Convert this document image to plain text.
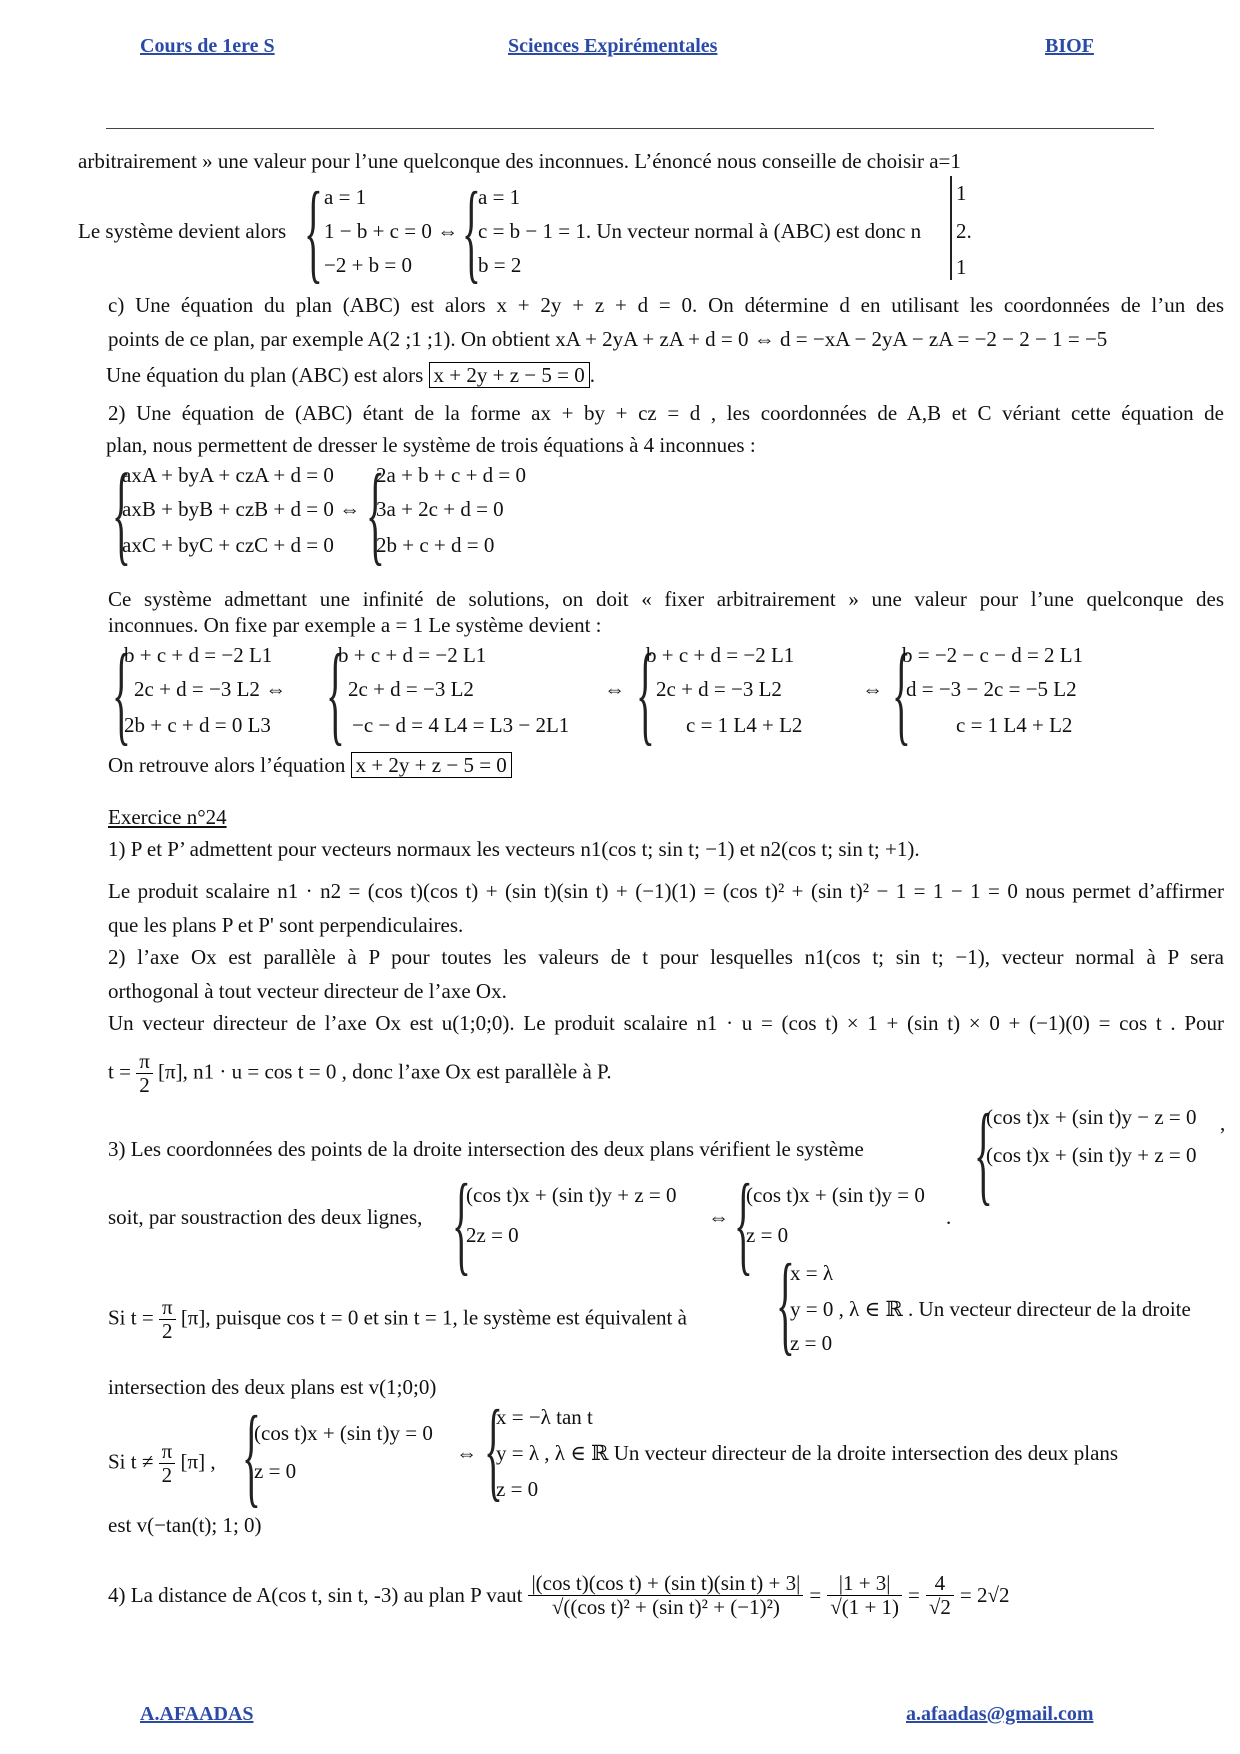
Cours de 1ere S	Sciences Expirémentales	BIOF
arbitrairement » une valeur pour l’une quelconque des inconnues. L’énoncé nous conseille de choisir a=1
Le système devient alors { a = 1
1 − b + c = 0 ⇔
−2 + b = 0 {
a = 1
c = b − 1 = 1. Un vecteur normal à (ABC) est donc n
b = 2
1
2.
1
c) Une équation du plan (ABC) est alors x + 2y + z + d = 0. On détermine d en utilisant les coordonnées de l’un des
points de ce plan, par exemple A(2 ;1 ;1). On obtient xA + 2yA + zA + d = 0 ⇔ d = −xA − 2yA − zA = −2 − 2 − 1 = −5
Une équation du plan (ABC) est alors x + 2y + z − 5 = 0 .
2) Une équation de (ABC) étant de la forme ax + by + cz = d , les coordonnées de A,B et C vériant cette équation de
plan, nous permettent de dresser le système de trois équations à 4 inconnues :
{
axA + byA + czA + d = 0
axB + byB + czB + d = 0 ⇔
axC + byC + czC + d = 0 {
2a + b + c + d = 0
3a + 2c + d = 0
2b + c + d = 0
Ce système admettant une infinité de solutions, on doit « fixer arbitrairement » une valeur pour l’une quelconque des
inconnues. On fixe par exemple a = 1 Le système devient :
{
b + c + d = −2 L1
2c + d = −3 L2 ⇔
2b + c + d = 0 L3 {
b + c + d = −2 L1
2c + d = −3 L2
−c − d = 4 L4 = L3 − 2L1
⇔ {
b + c + d = −2 L1
2c + d = −3 L2
c = 1 L4 + L2
⇔ {
b = −2 − c − d = 2 L1
d = −3 − 2c = −5 L2
c = 1 L4 + L2
On retrouve alors l’équation x + 2y + z − 5 = 0
Exercice n°24
1) P et P’ admettent pour vecteurs normaux les vecteurs n1(cos t; sin t; −1) et n2(cos t; sin t; +1).
Le produit scalaire n1 · n2 = (cos t)(cos t) + (sin t)(sin t) + (−1)(1) = (cos t)² + (sin t)² − 1 = 1 − 1 = 0 nous permet d’affirmer
que les plans P et P' sont perpendiculaires.
2) l’axe Ox est parallèle à P pour toutes les valeurs de t pour lesquelles n1(cos t; sin t; −1), vecteur normal à P sera
orthogonal à tout vecteur directeur de l’axe Ox.
Un vecteur directeur de l’axe Ox est u(1;0;0). Le produit scalaire n1 · u = (cos t) × 1 + (sin t) × 0 + (−1)(0) = cos t . Pour
$t = \frac{\pi}{2} [\pi]$, n1 · u = cos t = 0 , donc l’axe Ox est parallèle à P.
3) Les coordonnées des points de la droite intersection des deux plans vérifient le système {
(cos t)x + (sin t)y − z = 0
(cos t)x + (sin t)y + z = 0
,
soit, par soustraction des deux lignes, {
(cos t)x + (sin t)y + z = 0
2z = 0
⇔ {
(cos t)x + (sin t)y = 0
z = 0
.
Si $t = \frac{\pi}{2} [\pi]$, puisque cos t = 0 et sin t = 1, le système est équivalent à {
x = λ
y = 0 , λ ∈ ℝ . Un vecteur directeur de la droite
z = 0
intersection des deux plans est v(1;0;0)
Si $t \ne \frac{\pi}{2} [\pi]$ , {
(cos t)x + (sin t)y = 0
z = 0
⇔ {
x = −λ tan t
y = λ , λ ∈ ℝ Un vecteur directeur de la droite intersection des deux plans
z = 0
est v(−tan(t); 1; 0)
4) La distance de A(cos t, sin t, -3) au plan P vaut $\frac{\text{|(cos t)(cos t) + (sin t)(sin t) + 3|}}{\text{√((cos t)² + (sin t)² + (−1)²)}} = \frac{|1 + 3|}{√(1 + 1)} = \frac{4}{√2} = 2√2$
A.AFAADAS	a.afaadas@gmail.com
